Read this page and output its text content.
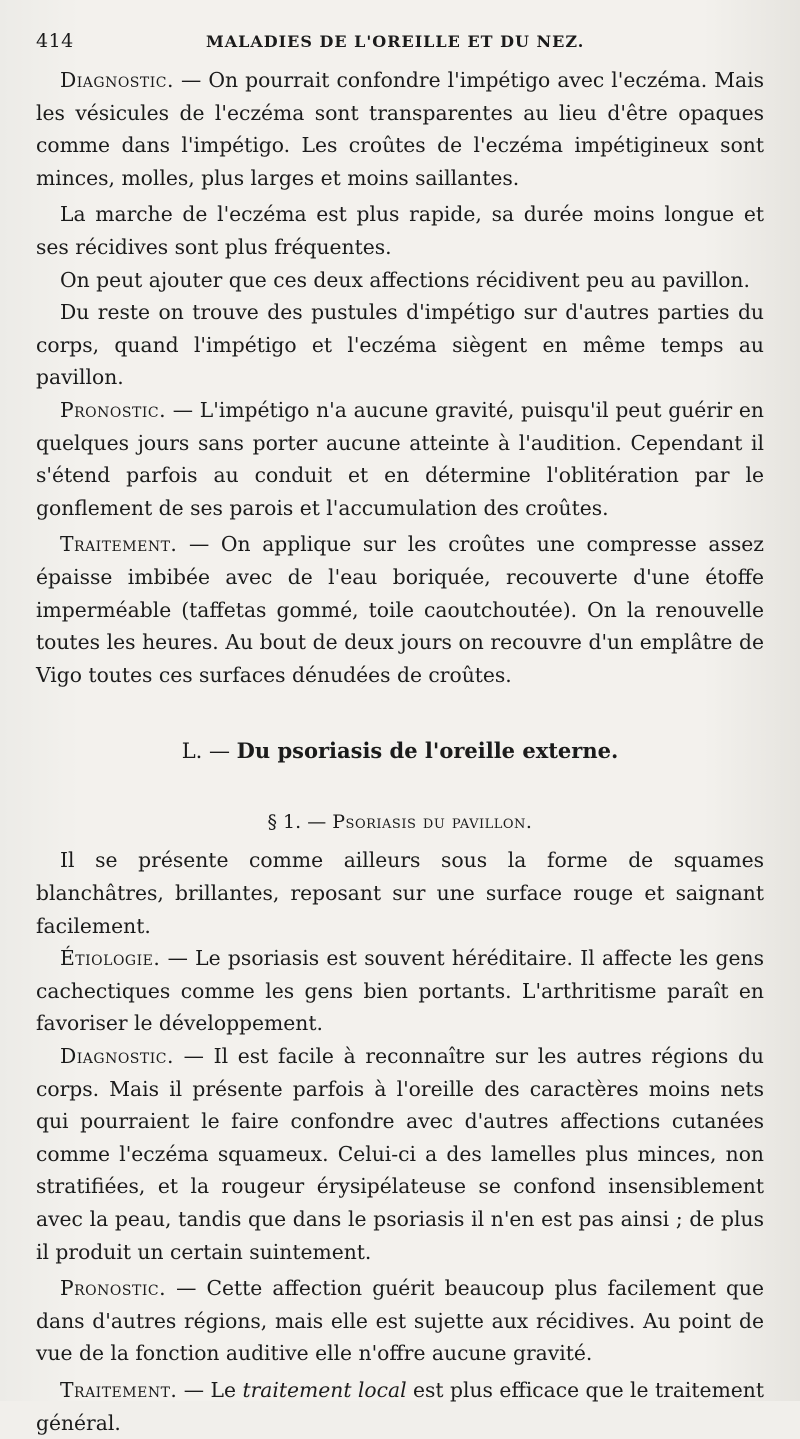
414	MALADIES DE L'OREILLE ET DU NEZ.

Diagnostic. — On pourrait confondre l'impétigo avec l'eczéma. Mais les vésicules de l'eczéma sont transparentes au lieu d'être opaques comme dans l'impétigo. Les croûtes de l'eczéma impétigineux sont minces, molles, plus larges et moins saillantes.

La marche de l'eczéma est plus rapide, sa durée moins longue et ses récidives sont plus fréquentes.

On peut ajouter que ces deux affections récidivent peu au pavillon.

Du reste on trouve des pustules d'impétigo sur d'autres parties du corps, quand l'impétigo et l'eczéma siègent en même temps au pavillon.

Pronostic. — L'impétigo n'a aucune gravité, puisqu'il peut guérir en quelques jours sans porter aucune atteinte à l'audition. Cependant il s'étend parfois au conduit et en détermine l'oblitération par le gonflement de ses parois et l'accumulation des croûtes.

Traitement. — On applique sur les croûtes une compresse assez épaisse imbibée avec de l'eau boriquée, recouverte d'une étoffe imperméable (taffetas gommé, toile caoutchoutée). On la renouvelle toutes les heures. Au bout de deux jours on recouvre d'un emplâtre de Vigo toutes ces surfaces dénudées de croûtes.

L. — Du psoriasis de l'oreille externe.
§ 1. — Psoriasis du pavillon.

Il se présente comme ailleurs sous la forme de squames blanchâtres, brillantes, reposant sur une surface rouge et saignant facilement.

Étiologie. — Le psoriasis est souvent héréditaire. Il affecte les gens cachectiques comme les gens bien portants. L'arthritisme paraît en favoriser le développement.

Diagnostic. — Il est facile à reconnaître sur les autres régions du corps. Mais il présente parfois à l'oreille des caractères moins nets qui pourraient le faire confondre avec d'autres affections cutanées comme l'eczéma squameux. Celui-ci a des lamelles plus minces, non stratifiées, et la rougeur érysipélateuse se confond insensiblement avec la peau, tandis que dans le psoriasis il n'en est pas ainsi ; de plus il produit un certain suintement.

Pronostic. — Cette affection guérit beaucoup plus facilement que dans d'autres régions, mais elle est sujette aux récidives. Au point de vue de la fonction auditive elle n'offre aucune gravité.

Traitement. — Le traitement local est plus efficace que le traitement général.
